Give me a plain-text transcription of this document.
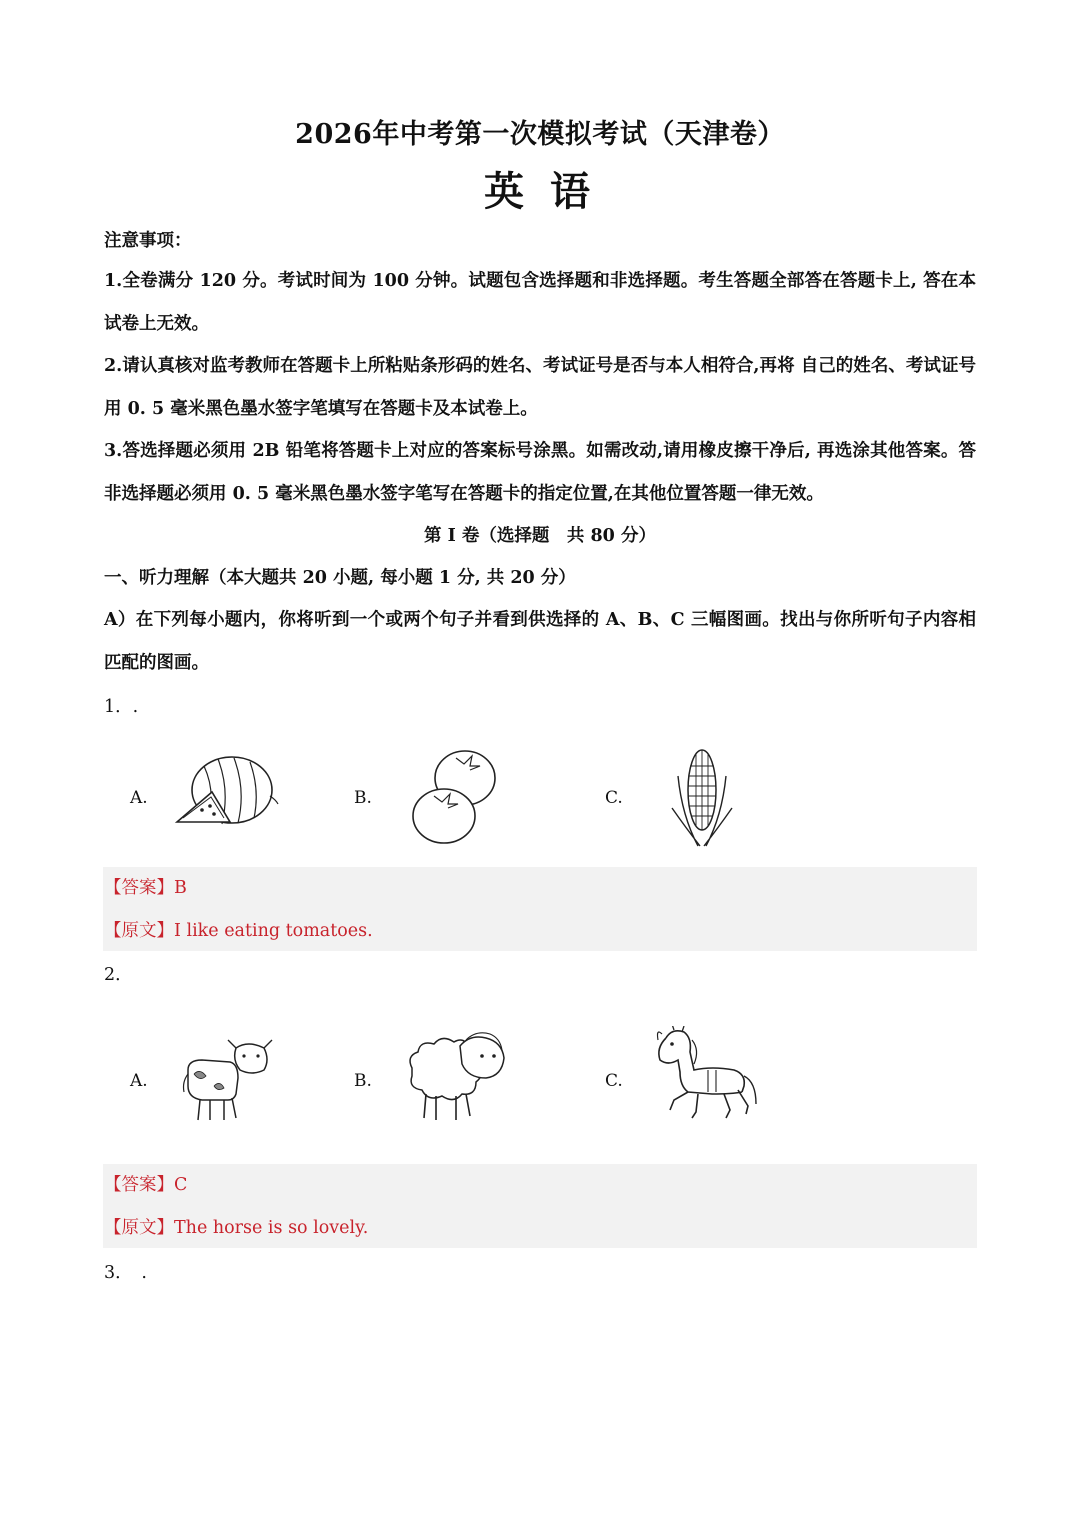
2026年中考第一次模拟考试（天津卷）
英 语
注意事项：

1.全卷满分 120 分。考试时间为 100 分钟。试题包含选择题和非选择题。考生答题全部答在答题卡上, 答在本试卷上无效。

2.请认真核对监考教师在答题卡上所粘贴条形码的姓名、考试证号是否与本人相符合,再将 自己的姓名、考试证号用 0. 5 毫米黑色墨水签字笔填写在答题卡及本试卷上。

3.答选择题必须用 2B 铅笔将答题卡上对应的答案标号涂黑。如需改动,请用橡皮擦干净后, 再选涂其他答案。答非选择题必须用 0. 5 毫米黑色墨水签字笔写在答题卡的指定位置,在其他位置答题一律无效。

第 I 卷（选择题　共 80 分）
一、听力理解（本大题共 20 小题, 每小题 1 分, 共 20 分）
A）在下列每小题内，你将听到一个或两个句子并看到供选择的 A、B、C 三幅图画。找出与你所听句子内容相匹配的图画。
1．.
A.	B.	C.
【答案】B
【原文】I like eating tomatoes.
2．
A.	B.	C.
【答案】C
【原文】The horse is so lovely.
3．　.
